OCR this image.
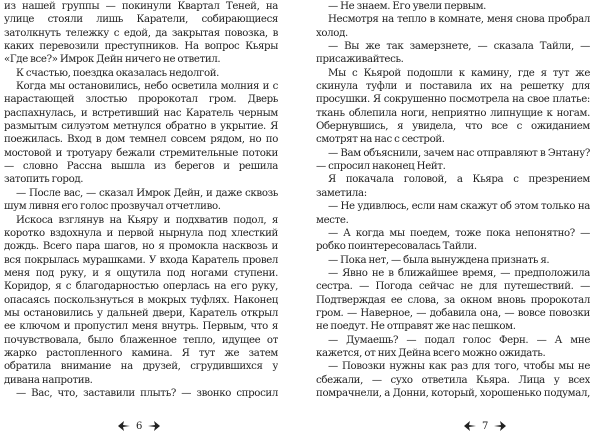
из нашей группы — покинули Квартал Теней, на улице стояли лишь Каратели, собирающиеся затолкнуть тележку с едой, да закрытая повозка, в каких перевозили преступников. На вопрос Кьяры «Где все?» Имрок Дейн ничего не ответил.

К счастью, поездка оказалась недолгой.

Когда мы остановились, небо осветила молния и с нарастающей злостью пророкотал гром. Дверь распахнулась, и встретивший нас Каратель черным размытым силуэтом метнулся обратно в укрытие. Я поежилась. Вход в дом темнел совсем рядом, но по мостовой и тротуару бежали стремительные потоки — словно Рассна вышла из берегов и решила затопить город.

— После вас, — сказал Имрок Дейн, и даже сквозь шум ливня его голос прозвучал отчетливо.

Искоса взглянув на Кьяру и подхватив подол, я коротко вздохнула и первой нырнула под хлесткий дождь. Всего пара шагов, но я промокла насквозь и вся покрылась мурашками. У входа Каратель провел меня под руку, и я ощутила под ногами ступени. Коридор, я с благодарностью оперлась на его руку, опасаясь поскользнуться в мокрых туфлях. Наконец мы остановились у дальней двери, Каратель открыл ее ключом и пропустил меня внутрь. Первым, что я почувствовала, было блаженное тепло, идущее от жарко растопленного камина. Я тут же затем обратила внимание на друзей, сгрудившихся у дивана напротив.

— Вас, что, заставили плыть? — звонко спросил

6

— Не знаем. Его увели первым.

Несмотря на тепло в комнате, меня снова пробрал холод.

— Вы же так замерзнете, — сказала Тайли, — присаживайтесь.

Мы с Кьярой подошли к камину, где я тут же скинула туфли и поставила их на решетку для просушки. Я сокрушенно посмотрела на свое платье: ткань облепила ноги, неприятно липнущие к ногам. Обернувшись, я увидела, что все с ожиданием смотрят на нас с сестрой.

— Вам объяснили, зачем нас отправляют в Энтану? — спросил наконец Нейт.

Я покачала головой, а Кьяра с презрением заметила:

— Не удивлюсь, если нам скажут об этом только на месте.

— А когда мы поедем, тоже пока непонятно? — робко поинтересовалась Тайли.

— Пока нет, — была вынуждена признать я.

— Явно не в ближайшее время, — предположила сестра. — Погода сейчас не для путешествий. — Подтверждая ее слова, за окном вновь пророкотал гром. — Наверное, — добавила она, — вовсе повозки не поедут. Не отправят же нас пешком.

— Думаешь? — подал голос Ферн. — А мне кажется, от них Дейна всего можно ожидать.

— Повозки нужны как раз для того, чтобы мы не сбежали, — сухо ответила Кьяра. Лица у всех помрачнели, а Донни, который, хорошенько подумал,

7
